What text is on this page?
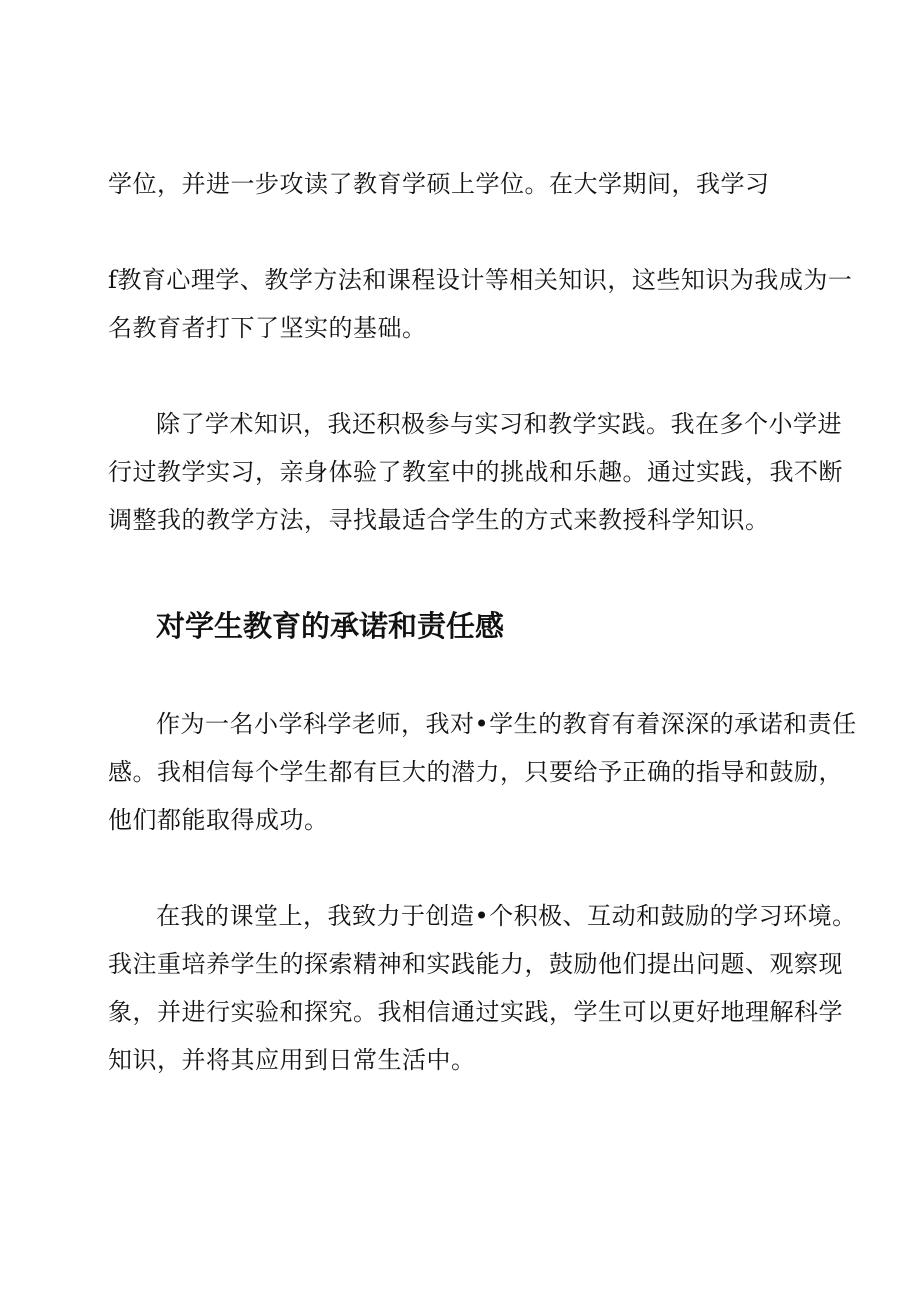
学位，并进一步攻读了教育学硕上学位。在大学期间，我学习

f教育心理学、教学方法和课程设计等相关知识，这些知识为我成为一

名教育者打下了坚实的基础。

除了学术知识，我还积极参与实习和教学实践。我在多个小学进

行过教学实习，亲身体验了教室中的挑战和乐趣。通过实践，我不断

调整我的教学方法，寻找最适合学生的方式来教授科学知识。

对学生教育的承诺和责任感

作为一名小学科学老师，我对•学生的教育有着深深的承诺和责任

感。我相信每个学生都有巨大的潜力，只要给予正确的指导和鼓励，

他们都能取得成功。

在我的课堂上，我致力于创造•个积极、互动和鼓励的学习环境。

我注重培养学生的探索精神和实践能力，鼓励他们提出问题、观察现

象，并进行实验和探究。我相信通过实践，学生可以更好地理解科学

知识，并将其应用到日常生活中。
